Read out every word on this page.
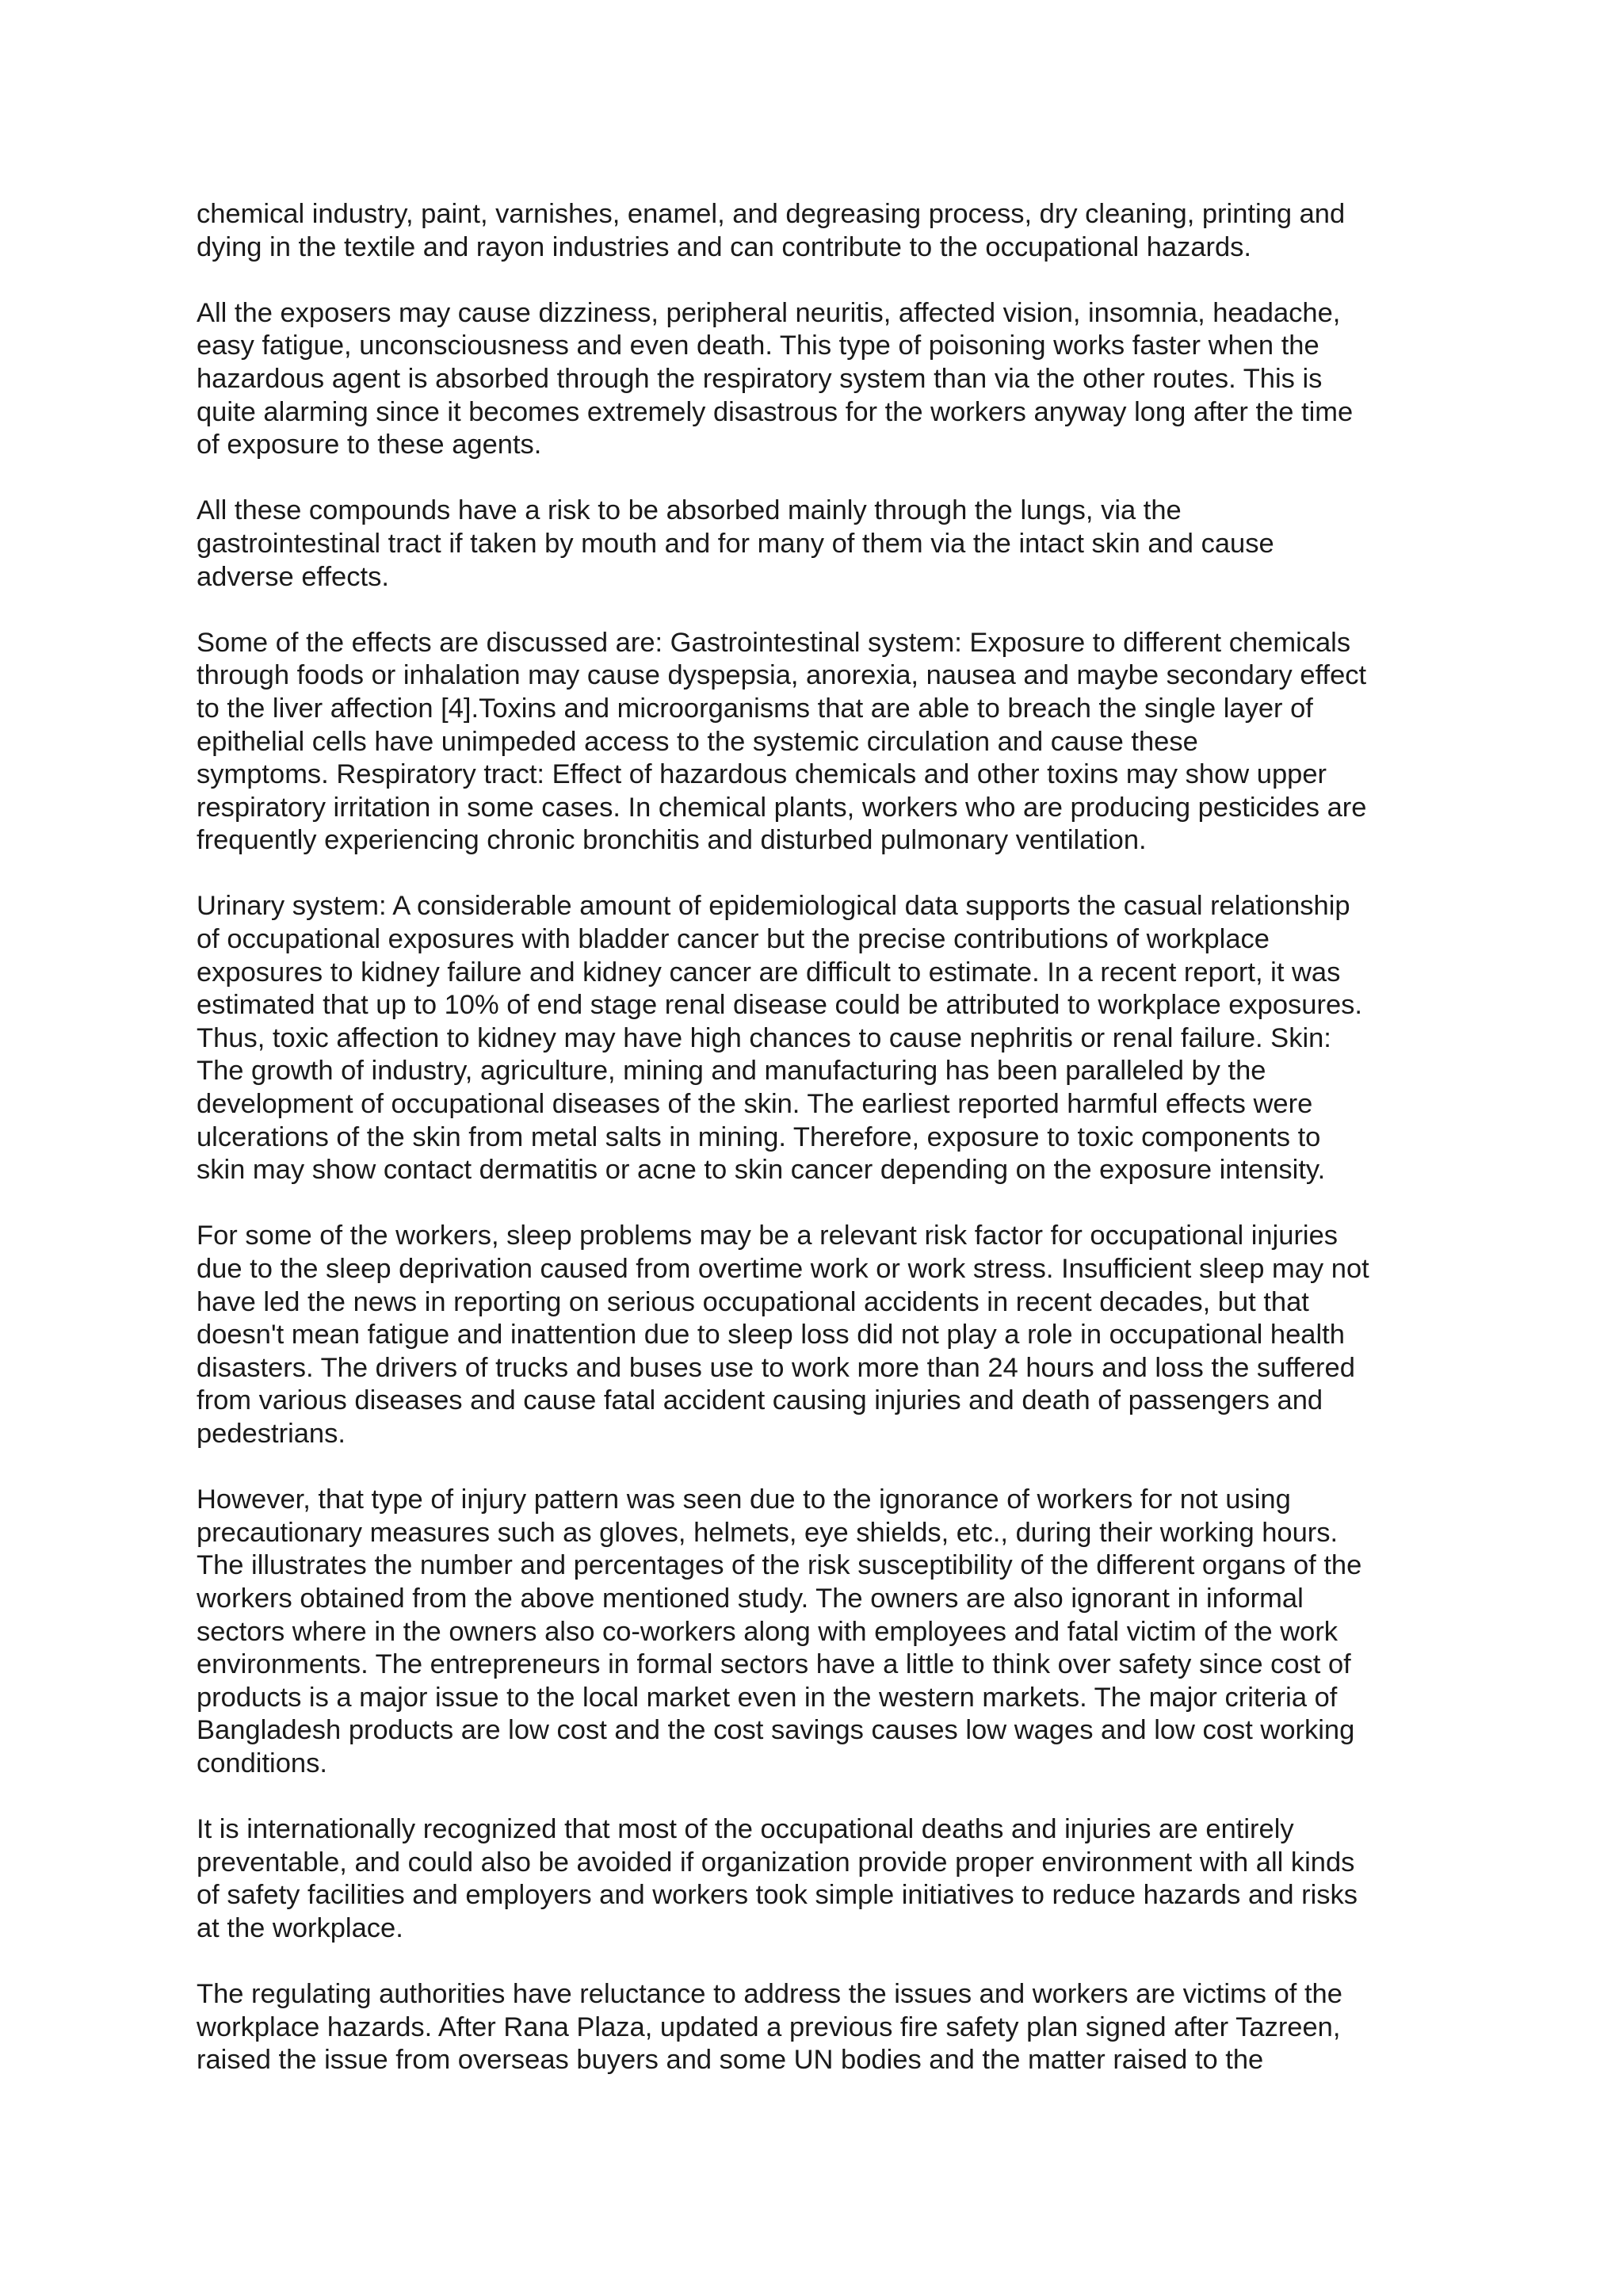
chemical industry, paint, varnishes, enamel, and degreasing process, dry cleaning, printing and
dying in the textile and rayon industries and can contribute to the occupational hazards.

All the exposers may cause dizziness, peripheral neuritis, affected vision, insomnia, headache,
easy fatigue, unconsciousness and even death. This type of poisoning works faster when the
hazardous agent is absorbed through the respiratory system than via the other routes. This is
quite alarming since it becomes extremely disastrous for the workers anyway long after the time
of exposure to these agents.

All these compounds have a risk to be absorbed mainly through the lungs, via the
gastrointestinal tract if taken by mouth and for many of them via the intact skin and cause
adverse effects.

Some of the effects are discussed are: Gastrointestinal system: Exposure to different chemicals
through foods or inhalation may cause dyspepsia, anorexia, nausea and maybe secondary effect
to the liver affection [4].Toxins and microorganisms that are able to breach the single layer of
epithelial cells have unimpeded access to the systemic circulation and cause these
symptoms. Respiratory tract: Effect of hazardous chemicals and other toxins may show upper
respiratory irritation in some cases. In chemical plants, workers who are producing pesticides are
frequently experiencing chronic bronchitis and disturbed pulmonary ventilation.

Urinary system: A considerable amount of epidemiological data supports the casual relationship
of occupational exposures with bladder cancer but the precise contributions of workplace
exposures to kidney failure and kidney cancer are difficult to estimate. In a recent report, it was
estimated that up to 10% of end stage renal disease could be attributed to workplace exposures.
Thus, toxic affection to kidney may have high chances to cause nephritis or renal failure. Skin:
The growth of industry, agriculture, mining and manufacturing has been paralleled by the
development of occupational diseases of the skin. The earliest reported harmful effects were
ulcerations of the skin from metal salts in mining. Therefore, exposure to toxic components to
skin may show contact dermatitis or acne to skin cancer depending on the exposure intensity.

For some of the workers, sleep problems may be a relevant risk factor for occupational injuries
due to the sleep deprivation caused from overtime work or work stress. Insufficient sleep may not
have led the news in reporting on serious occupational accidents in recent decades, but that
doesn't mean fatigue and inattention due to sleep loss did not play a role in occupational health
disasters. The drivers of trucks and buses use to work more than 24 hours and loss the suffered
from various diseases and cause fatal accident causing injuries and death of passengers and
pedestrians.

However, that type of injury pattern was seen due to the ignorance of workers for not using
precautionary measures such as gloves, helmets, eye shields, etc., during their working hours.
The illustrates the number and percentages of the risk susceptibility of the different organs of the
workers obtained from the above mentioned study. The owners are also ignorant in informal
sectors where in the owners also co-workers along with employees and fatal victim of the work
environments. The entrepreneurs in formal sectors have a little to think over safety since cost of
products is a major issue to the local market even in the western markets. The major criteria of
Bangladesh products are low cost and the cost savings causes low wages and low cost working
conditions.

It is internationally recognized that most of the occupational deaths and injuries are entirely
preventable, and could also be avoided if organization provide proper environment with all kinds
of safety facilities and employers and workers took simple initiatives to reduce hazards and risks
at the workplace.

The regulating authorities have reluctance to address the issues and workers are victims of the
workplace hazards. After Rana Plaza, updated a previous fire safety plan signed after Tazreen,
raised the issue from overseas buyers and some UN bodies and the matter raised to the
